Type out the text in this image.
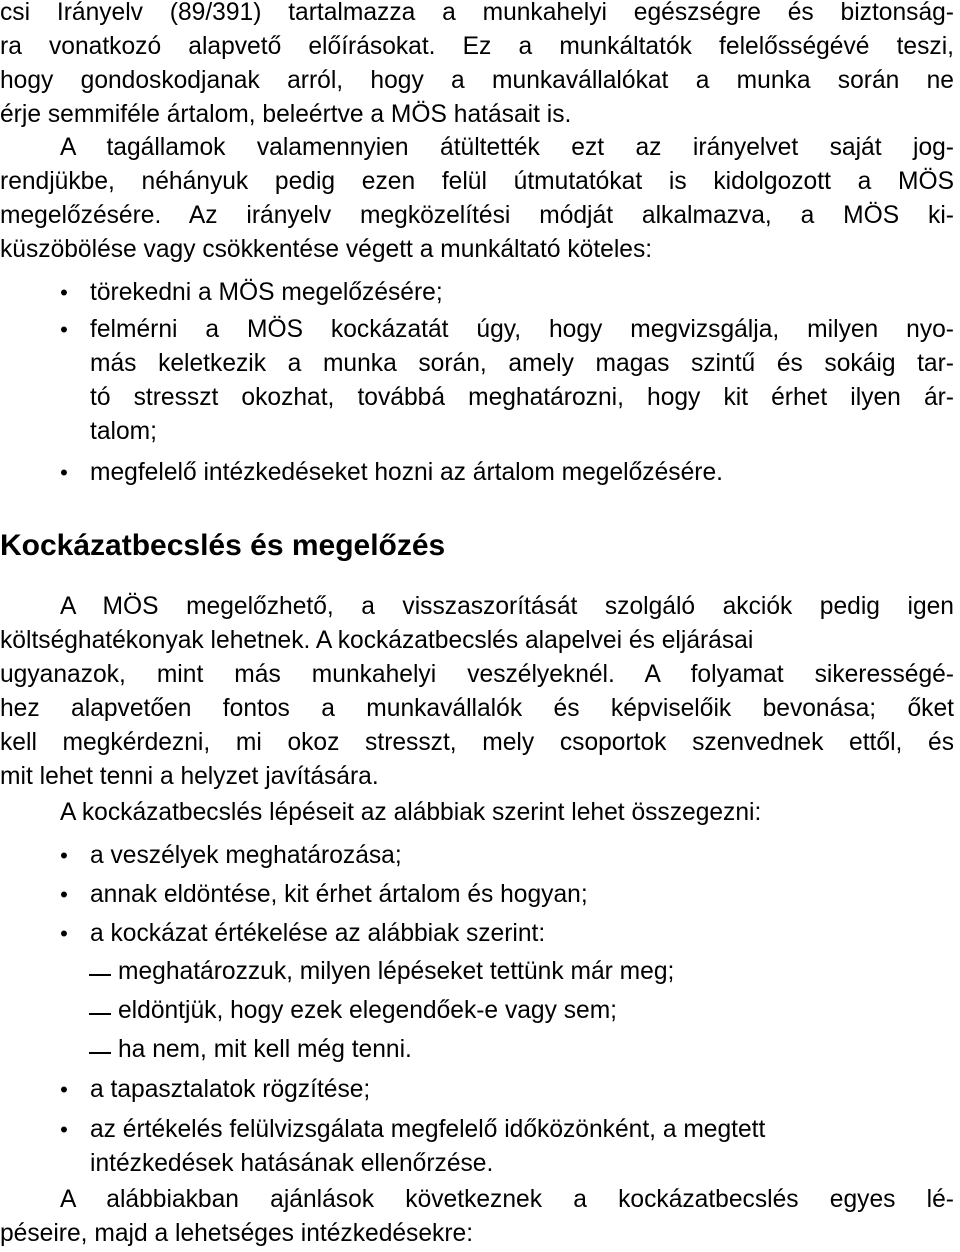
csi Irányelv (89/391) tartalmazza a munkahelyi egészségre és biztonság-
ra vonatkozó alapvető előírásokat. Ez a munkáltatók felelősségévé teszi,
hogy gondoskodjanak arról, hogy a munkavállalókat a munka során ne
érje semmiféle ártalom, beleértve a MÖS hatásait is.
A tagállamok valamennyien átültették ezt az irányelvet saját jog-
rendjükbe, néhányuk pedig ezen felül útmutatókat is kidolgozott a MÖS
megelőzésére. Az irányelv megközelítési módját alkalmazva, a MÖS ki-
küszöbölése vagy csökkentése végett a munkáltató köteles:
• törekedni a MÖS megelőzésére;
• felmérni a MÖS kockázatát úgy, hogy megvizsgálja, milyen nyo-
más keletkezik a munka során, amely magas szintű és sokáig tar-
tó stresszt okozhat, továbbá meghatározni, hogy kit érhet ilyen ár-
talom;
• megfelelő intézkedéseket hozni az ártalom megelőzésére.
Kockázatbecslés és megelőzés
A MÖS megelőzhető, a visszaszorítását szolgáló akciók pedig igen
költséghatékonyak lehetnek. A kockázatbecslés alapelvei és eljárásai
ugyanazok, mint más munkahelyi veszélyeknél. A folyamat sikerességé-
hez alapvetően fontos a munkavállalók és képviselőik bevonása; őket
kell megkérdezni, mi okoz stresszt, mely csoportok szenvednek ettől, és
mit lehet tenni a helyzet javítására.
A kockázatbecslés lépéseit az alábbiak szerint lehet összegezni:
• a veszélyek meghatározása;
• annak eldöntése, kit érhet ártalom és hogyan;
• a kockázat értékelése az alábbiak szerint:
meghatározzuk, milyen lépéseket tettünk már meg;
eldöntjük, hogy ezek elegendőek-e vagy sem;
ha nem, mit kell még tenni.
• a tapasztalatok rögzítése;
• az értékelés felülvizsgálata megfelelő időközönként, a megtett
intézkedések hatásának ellenőrzése.
A alábbiakban ajánlások következnek a kockázatbecslés egyes lé-
péseire, majd a lehetséges intézkedésekre:
